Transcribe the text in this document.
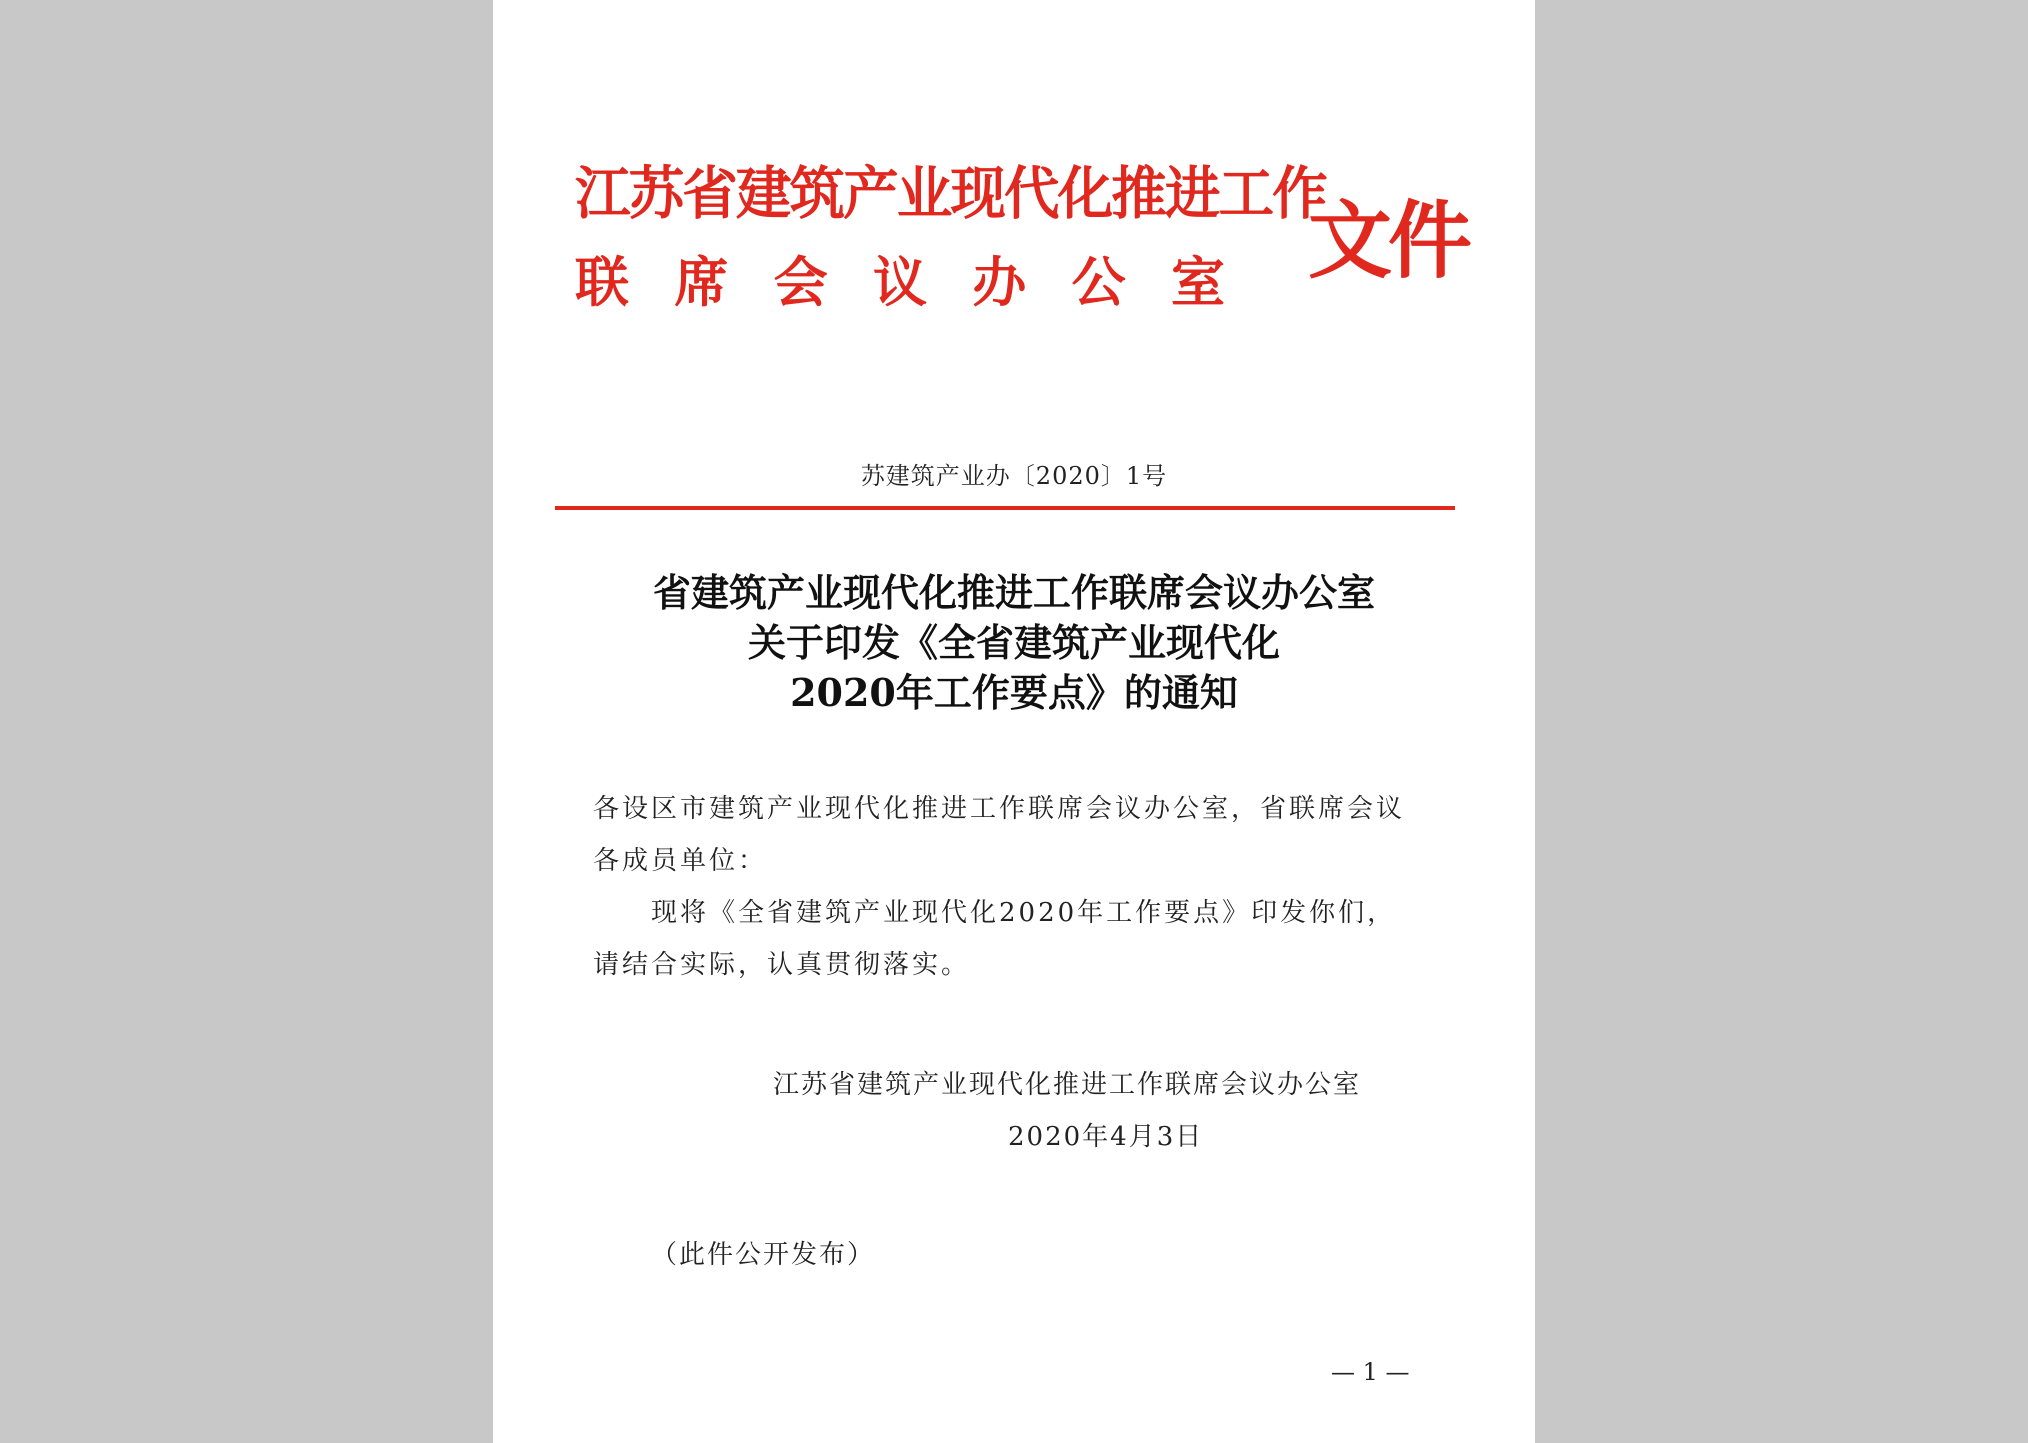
江苏省建筑产业现代化推进工作
联 席 会 议 办 公 室 文件
苏建筑产业办〔2020〕1号
省建筑产业现代化推进工作联席会议办公室
关于印发《全省建筑产业现代化
2020年工作要点》的通知
各设区市建筑产业现代化推进工作联席会议办公室，省联席会议
各成员单位：
现将《全省建筑产业现代化2020年工作要点》印发你们，
请结合实际，认真贯彻落实。
江苏省建筑产业现代化推进工作联席会议办公室
2020年4月3日
（此件公开发布）
— 1 —
